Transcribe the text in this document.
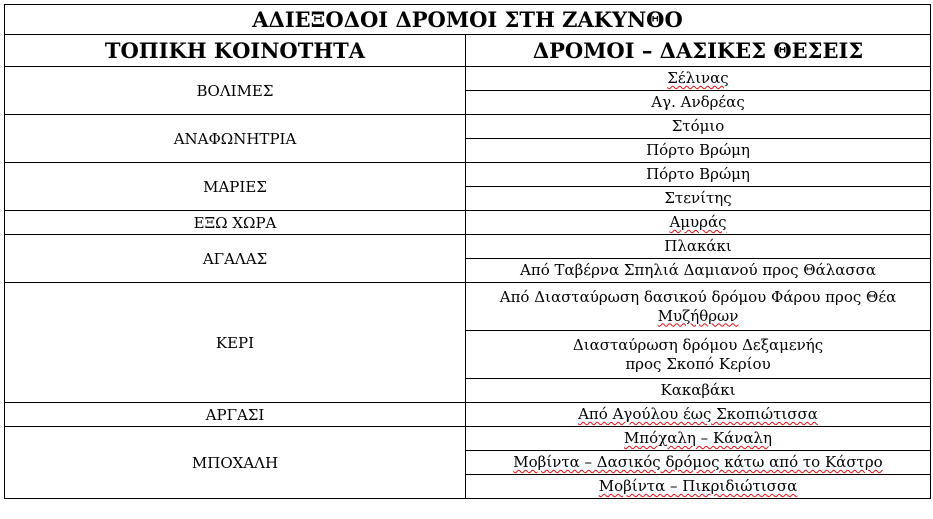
ΑΔΙΕΞΟΔΟΙ ΔΡΟΜΟΙ ΣΤΗ ΖΑΚΥΝΘΟ	
ΤΟΠΙΚΗ ΚΟΙΝΟΤΗΤΑ	ΔΡΟΜΟΙ – ΔΑΣΙΚΕΣ ΘΕΣΕΙΣ
ΒΟΛΙΜΕΣ	Σέλινας
	Αγ. Ανδρέας
ΑΝΑΦΩΝΗΤΡΙΑ	Στόμιο
	Πόρτο Βρώμη
ΜΑΡΙΕΣ	Πόρτο Βρώμη
	Στενίτης
ΕΞΩ ΧΩΡΑ	Αμυράς
ΑΓΑΛΑΣ	Πλακάκι
	Από Ταβέρνα Σπηλιά Δαμιανού προς Θάλασσα
ΚΕΡΙ	Από Διασταύρωση δασικού δρόμου Φάρου προς Θέα
Μυζήθρων

	Διασταύρωση δρόμου Δεξαμενής
προς Σκοπό Κερίου

	Κακαβάκι
ΑΡΓΑΣΙ	Από Αγούλου έως Σκοπιώτισσα
ΜΠΟΧΑΛΗ	Μπόχαλη – Κάναλη
	Μοβίντα – Δασικός δρόμος κάτω από το Κάστρο
	Μοβίντα – Πικριδιώτισσα
